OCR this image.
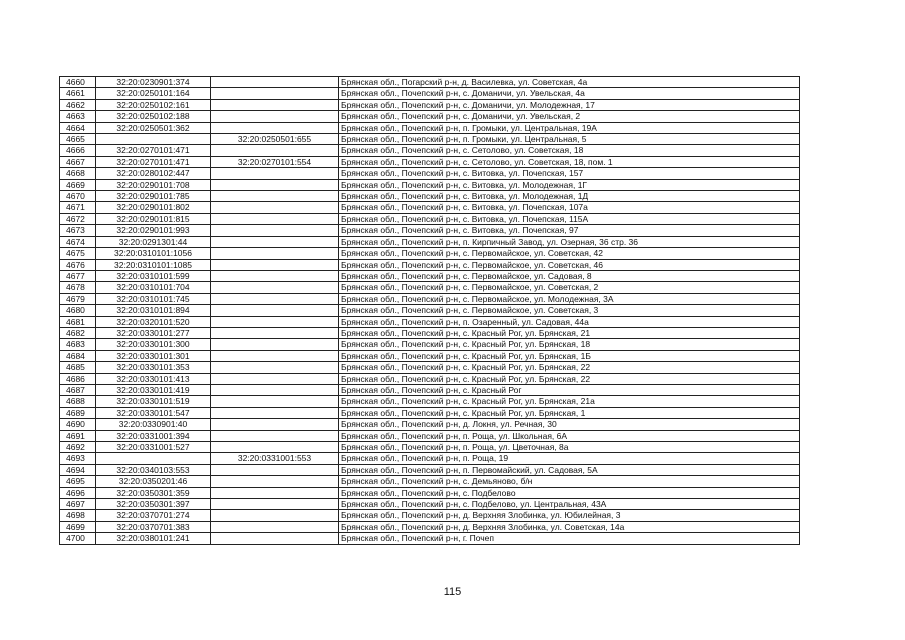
4660	32:20:0230901:374		Брянская обл., Погарский р-н, д. Василевка, ул. Советская, 4а
4661	32:20:0250101:164		Брянская обл., Почепский р-н, с. Доманичи, ул. Увельская, 4а
4662	32:20:0250102:161		Брянская обл., Почепский р-н, с. Доманичи, ул. Молодежная, 17
4663	32:20:0250102:188		Брянская обл., Почепский р-н, с. Доманичи, ул. Увельская, 2
4664	32:20:0250501:362		Брянская обл., Почепский р-н, п. Громыки, ул. Центральная, 19А
4665		32:20:0250501:655	Брянская обл., Почепский р-н, п. Громыки, ул. Центральная, 5
4666	32:20:0270101:471		Брянская обл., Почепский р-н, с. Сетолово, ул. Советская, 18
4667	32:20:0270101:471	32:20:0270101:554	Брянская обл., Почепский р-н, с. Сетолово, ул. Советская, 18, пом. 1
4668	32:20:0280102:447		Брянская обл., Почепский р-н, с. Витовка, ул. Почепская, 157
4669	32:20:0290101:708		Брянская обл., Почепский р-н, с. Витовка, ул. Молодежная, 1Г
4670	32:20:0290101:785		Брянская обл., Почепский р-н, с. Витовка, ул. Молодежная, 1Д
4671	32:20:0290101:802		Брянская обл., Почепский р-н, с. Витовка, ул. Почепская, 107а
4672	32:20:0290101:815		Брянская обл., Почепский р-н, с. Витовка, ул. Почепская, 115А
4673	32:20:0290101:993		Брянская обл., Почепский р-н, с. Витовка, ул. Почепская, 97
4674	32:20:0291301:44		Брянская обл., Почепский р-н, п. Кирпичный Завод, ул. Озерная, 36 стр. 36
4675	32:20:0310101:1056		Брянская обл., Почепский р-н, с. Первомайское, ул. Советская, 42
4676	32:20:0310101:1085		Брянская обл., Почепский р-н, с. Первомайское, ул. Советская, 46
4677	32:20:0310101:599		Брянская обл., Почепский р-н, с. Первомайское, ул. Садовая, 8
4678	32:20:0310101:704		Брянская обл., Почепский р-н, с. Первомайское, ул. Советская, 2
4679	32:20:0310101:745		Брянская обл., Почепский р-н, с. Первомайское, ул. Молодежная, 3А
4680	32:20:0310101:894		Брянская обл., Почепский р-н, с. Первомайское, ул. Советская, 3
4681	32:20:0320101:520		Брянская обл., Почепский р-н, п. Озаренный, ул. Садовая, 44а
4682	32:20:0330101:277		Брянская обл., Почепский р-н, с. Красный Рог, ул. Брянская, 21
4683	32:20:0330101:300		Брянская обл., Почепский р-н, с. Красный Рог, ул. Брянская, 18
4684	32:20:0330101:301		Брянская обл., Почепский р-н, с. Красный Рог, ул. Брянская, 1Б
4685	32:20:0330101:353		Брянская обл., Почепский р-н, с. Красный Рог, ул. Брянская, 22
4686	32:20:0330101:413		Брянская обл., Почепский р-н, с. Красный Рог, ул. Брянская, 22
4687	32:20:0330101:419		Брянская обл., Почепский р-н, с. Красный Рог
4688	32:20:0330101:519		Брянская обл., Почепский р-н, с. Красный Рог, ул. Брянская, 21а
4689	32:20:0330101:547		Брянская обл., Почепский р-н, с. Красный Рог, ул. Брянская, 1
4690	32:20:0330901:40		Брянская обл., Почепский р-н, д. Локня, ул. Речная, 30
4691	32:20:0331001:394		Брянская обл., Почепский р-н, п. Роща, ул. Школьная, 6А
4692	32:20:0331001:527		Брянская обл., Почепский р-н, п. Роща, ул. Цветочная, 8а
4693		32:20:0331001:553	Брянская обл., Почепский р-н, п. Роща, 19
4694	32:20:0340103:553		Брянская обл., Почепский р-н, п. Первомайский, ул. Садовая, 5А
4695	32:20:0350201:46		Брянская обл., Почепский р-н, с. Демьяново, б/н
4696	32:20:0350301:359		Брянская обл., Почепский р-н, с. Подбелово
4697	32:20:0350301:397		Брянская обл., Почепский р-н, с. Подбелово, ул. Центральная, 43А
4698	32:20:0370701:274		Брянская обл., Почепский р-н, д. Верхняя Злобинка, ул. Юбилейная, 3
4699	32:20:0370701:383		Брянская обл., Почепский р-н, д. Верхняя Злобинка, ул. Советская, 14а
4700	32:20:0380101:241		Брянская обл., Почепский р-н, г. Почеп
115
